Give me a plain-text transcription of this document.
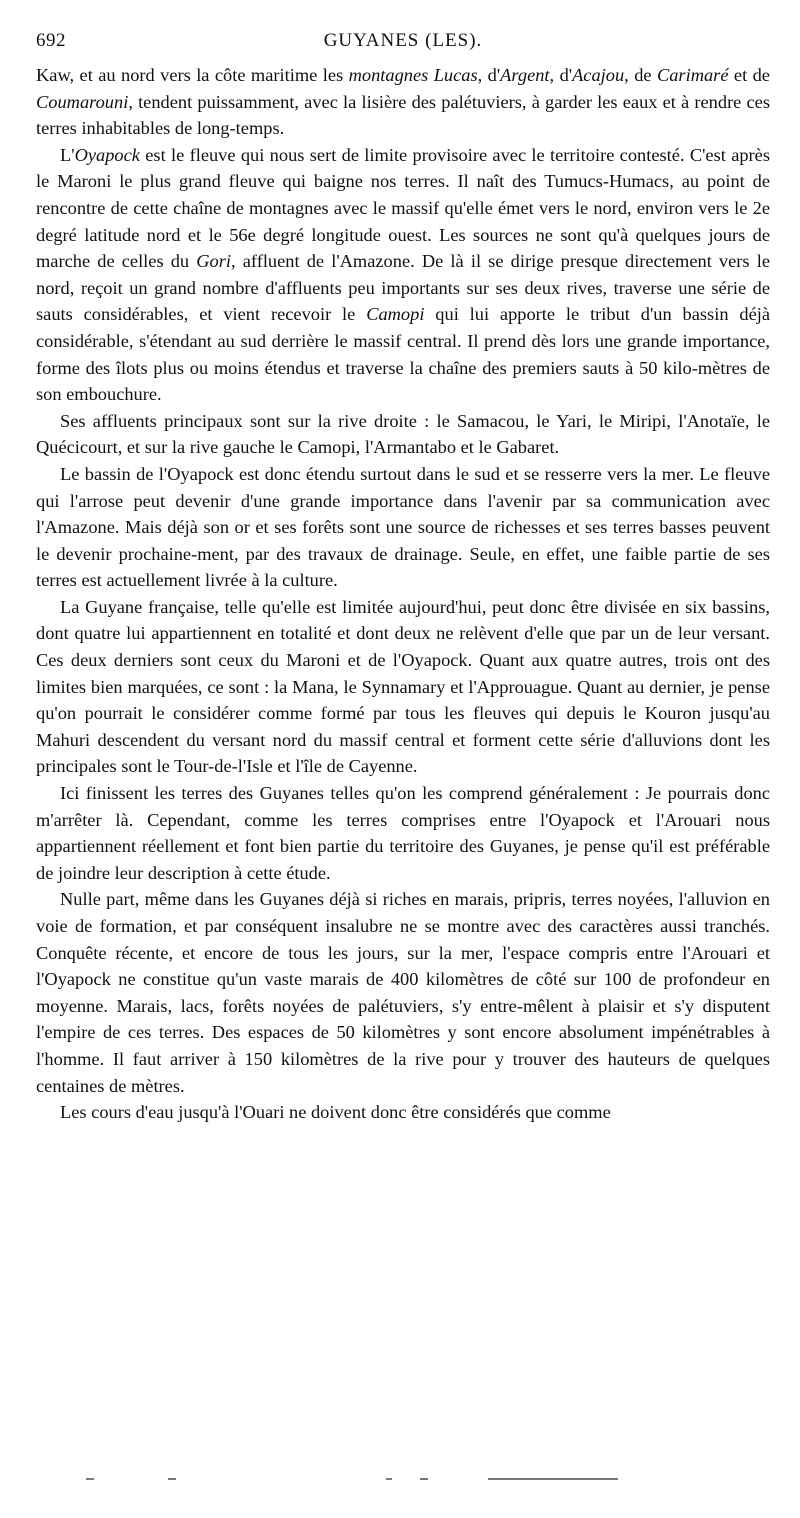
692	GUYANES (LES).

Kaw, et au nord vers la côte maritime les montagnes Lucas, d'Argent, d'Acajou, de Carimaré et de Coumarouni, tendent puissamment, avec la lisière des palétuviers, à garder les eaux et à rendre ces terres inhabitables de long-temps.

L'Oyapock est le fleuve qui nous sert de limite provisoire avec le territoire contesté. C'est après le Maroni le plus grand fleuve qui baigne nos terres. Il naît des Tumucs-Humacs, au point de rencontre de cette chaîne de montagnes avec le massif qu'elle émet vers le nord, environ vers le 2e degré latitude nord et le 56e degré longitude ouest. Les sources ne sont qu'à quelques jours de marche de celles du Gori, affluent de l'Amazone. De là il se dirige presque directement vers le nord, reçoit un grand nombre d'affluents peu importants sur ses deux rives, traverse une série de sauts considérables, et vient recevoir le Camopi qui lui apporte le tribut d'un bassin déjà considérable, s'étendant au sud derrière le massif central. Il prend dès lors une grande importance, forme des îlots plus ou moins étendus et traverse la chaîne des premiers sauts à 50 kilo-mètres de son embouchure.

Ses affluents principaux sont sur la rive droite : le Samacou, le Yari, le Miripi, l'Anotaïe, le Quécicourt, et sur la rive gauche le Camopi, l'Armantabo et le Gabaret.

Le bassin de l'Oyapock est donc étendu surtout dans le sud et se resserre vers la mer. Le fleuve qui l'arrose peut devenir d'une grande importance dans l'avenir par sa communication avec l'Amazone. Mais déjà son or et ses forêts sont une source de richesses et ses terres basses peuvent le devenir prochaine-ment, par des travaux de drainage. Seule, en effet, une faible partie de ses terres est actuellement livrée à la culture.

La Guyane française, telle qu'elle est limitée aujourd'hui, peut donc être divisée en six bassins, dont quatre lui appartiennent en totalité et dont deux ne relèvent d'elle que par un de leur versant. Ces deux derniers sont ceux du Maroni et de l'Oyapock. Quant aux quatre autres, trois ont des limites bien marquées, ce sont : la Mana, le Synnamary et l'Approuague. Quant au dernier, je pense qu'on pourrait le considérer comme formé par tous les fleuves qui depuis le Kouron jusqu'au Mahuri descendent du versant nord du massif central et forment cette série d'alluvions dont les principales sont le Tour-de-l'Isle et l'île de Cayenne.

Ici finissent les terres des Guyanes telles qu'on les comprend généralement : Je pourrais donc m'arrêter là. Cependant, comme les terres comprises entre l'Oyapock et l'Arouari nous appartiennent réellement et font bien partie du territoire des Guyanes, je pense qu'il est préférable de joindre leur description à cette étude.

Nulle part, même dans les Guyanes déjà si riches en marais, pripris, terres noyées, l'alluvion en voie de formation, et par conséquent insalubre ne se montre avec des caractères aussi tranchés. Conquête récente, et encore de tous les jours, sur la mer, l'espace compris entre l'Arouari et l'Oyapock ne constitue qu'un vaste marais de 400 kilomètres de côté sur 100 de profondeur en moyenne. Marais, lacs, forêts noyées de palétuviers, s'y entre-mêlent à plaisir et s'y disputent l'empire de ces terres. Des espaces de 50 kilomètres y sont encore absolument impénétrables à l'homme. Il faut arriver à 150 kilomètres de la rive pour y trouver des hauteurs de quelques centaines de mètres.

Les cours d'eau jusqu'à l'Ouari ne doivent donc être considérés que comme
